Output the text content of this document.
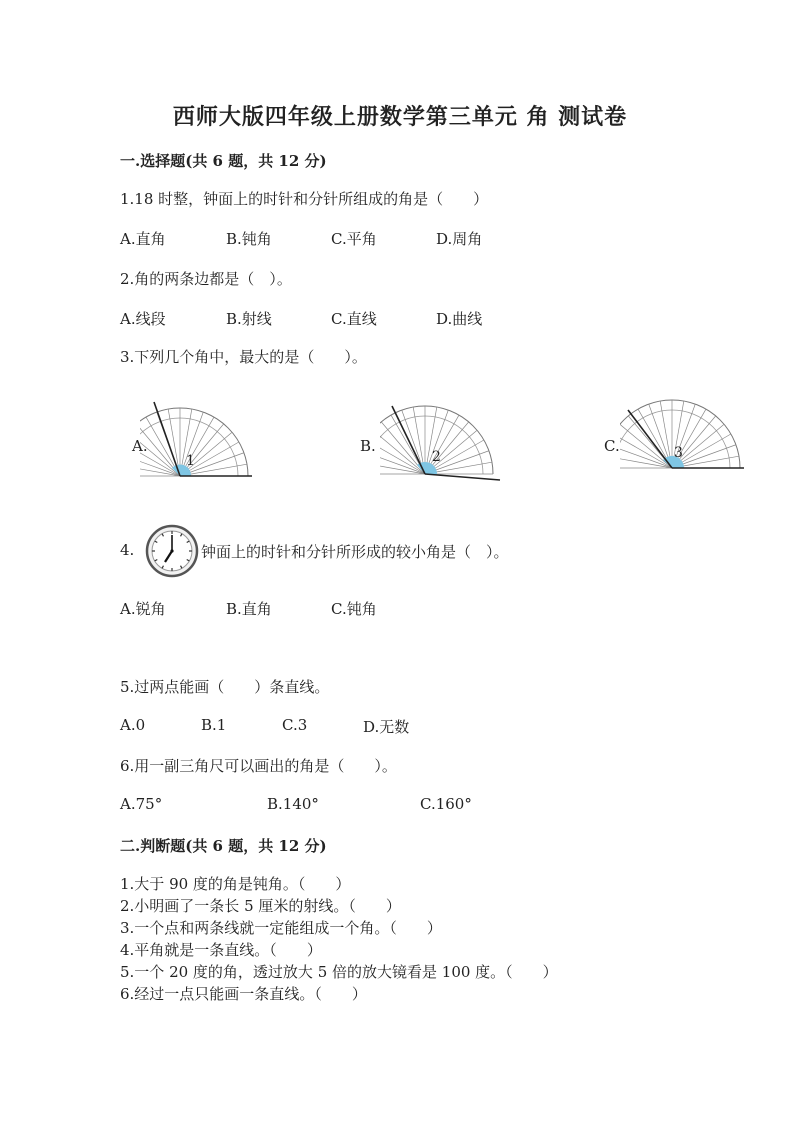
西师大版四年级上册数学第三单元 角 测试卷
一.选择题(共 6 题，共 12 分)
1.18 时整，钟面上的时针和分针所组成的角是（　　）
A.直角	B.钝角	C.平角	D.周角
2.角的两条边都是（　）。
A.线段	B.射线	C.直线	D.曲线
3.下列几个角中，最大的是（　　）。
A.	B.	C.
1	2	3
4.	钟面上的时针和分针所形成的较小角是（　）。
A.锐角	B.直角	C.钝角
5.过两点能画（　　）条直线。
A.0	B.1	C.3	D.无数
6.用一副三角尺可以画出的角是（　　）。
A.75°	B.140°	C.160°
二.判断题(共 6 题，共 12 分)
1.大于 90 度的角是钝角。（　　）
2.小明画了一条长 5 厘米的射线。（　　）
3.一个点和两条线就一定能组成一个角。（　　）
4.平角就是一条直线。（　　）
5.一个 20 度的角，透过放大 5 倍的放大镜看是 100 度。（　　）
6.经过一点只能画一条直线。（　　）
